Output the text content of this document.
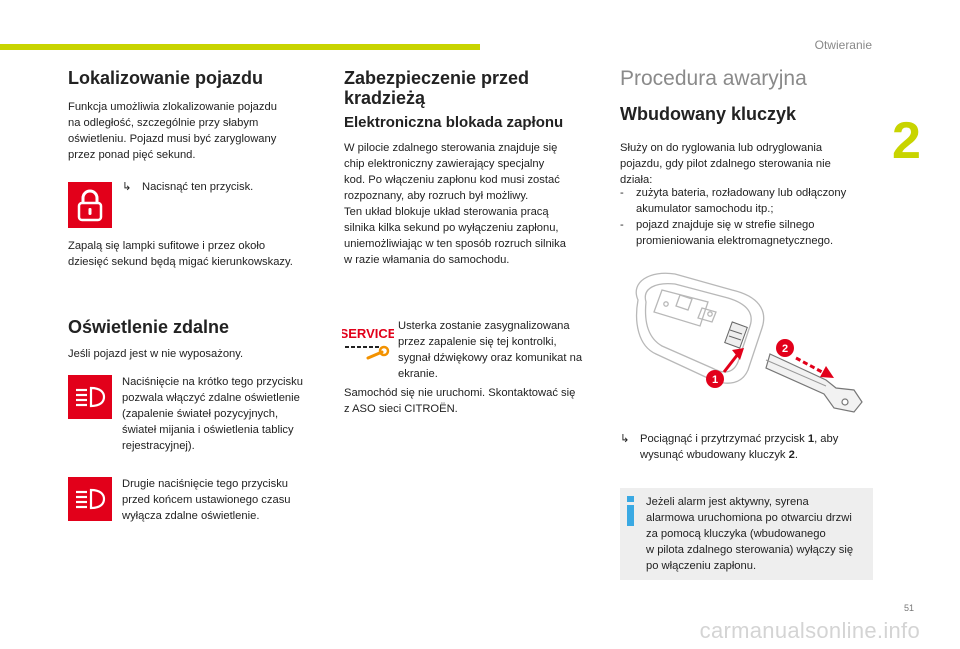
Otwieranie
2
Lokalizowanie pojazdu
Funkcja umożliwia zlokalizowanie pojazdu
na odległość, szczególnie przy słabym
oświetleniu. Pojazd musi być zaryglowany
przez ponad pięć sekund.
↳ Nacisnąć ten przycisk.
Zapalą się lampki sufitowe i przez około
dziesięć sekund będą migać kierunkowskazy.
Oświetlenie zdalne
Jeśli pojazd jest w nie wyposażony.
Naciśnięcie na krótko tego przycisku
pozwala włączyć zdalne oświetlenie
(zapalenie świateł pozycyjnych,
świateł mijania i oświetlenia tablicy
rejestracyjnej).
Drugie naciśnięcie tego przycisku
przed końcem ustawionego czasu
wyłącza zdalne oświetlenie.
Zabezpieczenie przed
kradzieżą
Elektroniczna blokada zapłonu
W pilocie zdalnego sterowania znajduje się
chip elektroniczny zawierający specjalny
kod. Po włączeniu zapłonu kod musi zostać
rozpoznany, aby rozruch był możliwy.
Ten układ blokuje układ sterowania pracą
silnika kilka sekund po wyłączeniu zapłonu,
uniemożliwiając w ten sposób rozruch silnika
w razie włamania do samochodu.
SERVICE Usterka zostanie zasygnalizowana
przez zapalenie się tej kontrolki,
sygnał dźwiękowy oraz komunikat na
ekranie.
Samochód się nie uruchomi. Skontaktować się
z ASO sieci CITROËN.
Procedura awaryjna
Wbudowany kluczyk
Służy on do ryglowania lub odryglowania
pojazdu, gdy pilot zdalnego sterowania nie
działa:
-	zużyta bateria, rozładowany lub odłączony
akumulator samochodu itp.;
-	pojazd znajduje się w strefie silnego
promieniowania elektromagnetycznego.
1
2
↳ Pociągnąć i przytrzymać przycisk 1, aby
wysunąć wbudowany kluczyk 2.
Jeżeli alarm jest aktywny, syrena
alarmowa uruchomiona po otwarciu drzwi
za pomocą kluczyka (wbudowanego
w pilota zdalnego sterowania) wyłączy się
po włączeniu zapłonu.
51
carmanualsonline.info
